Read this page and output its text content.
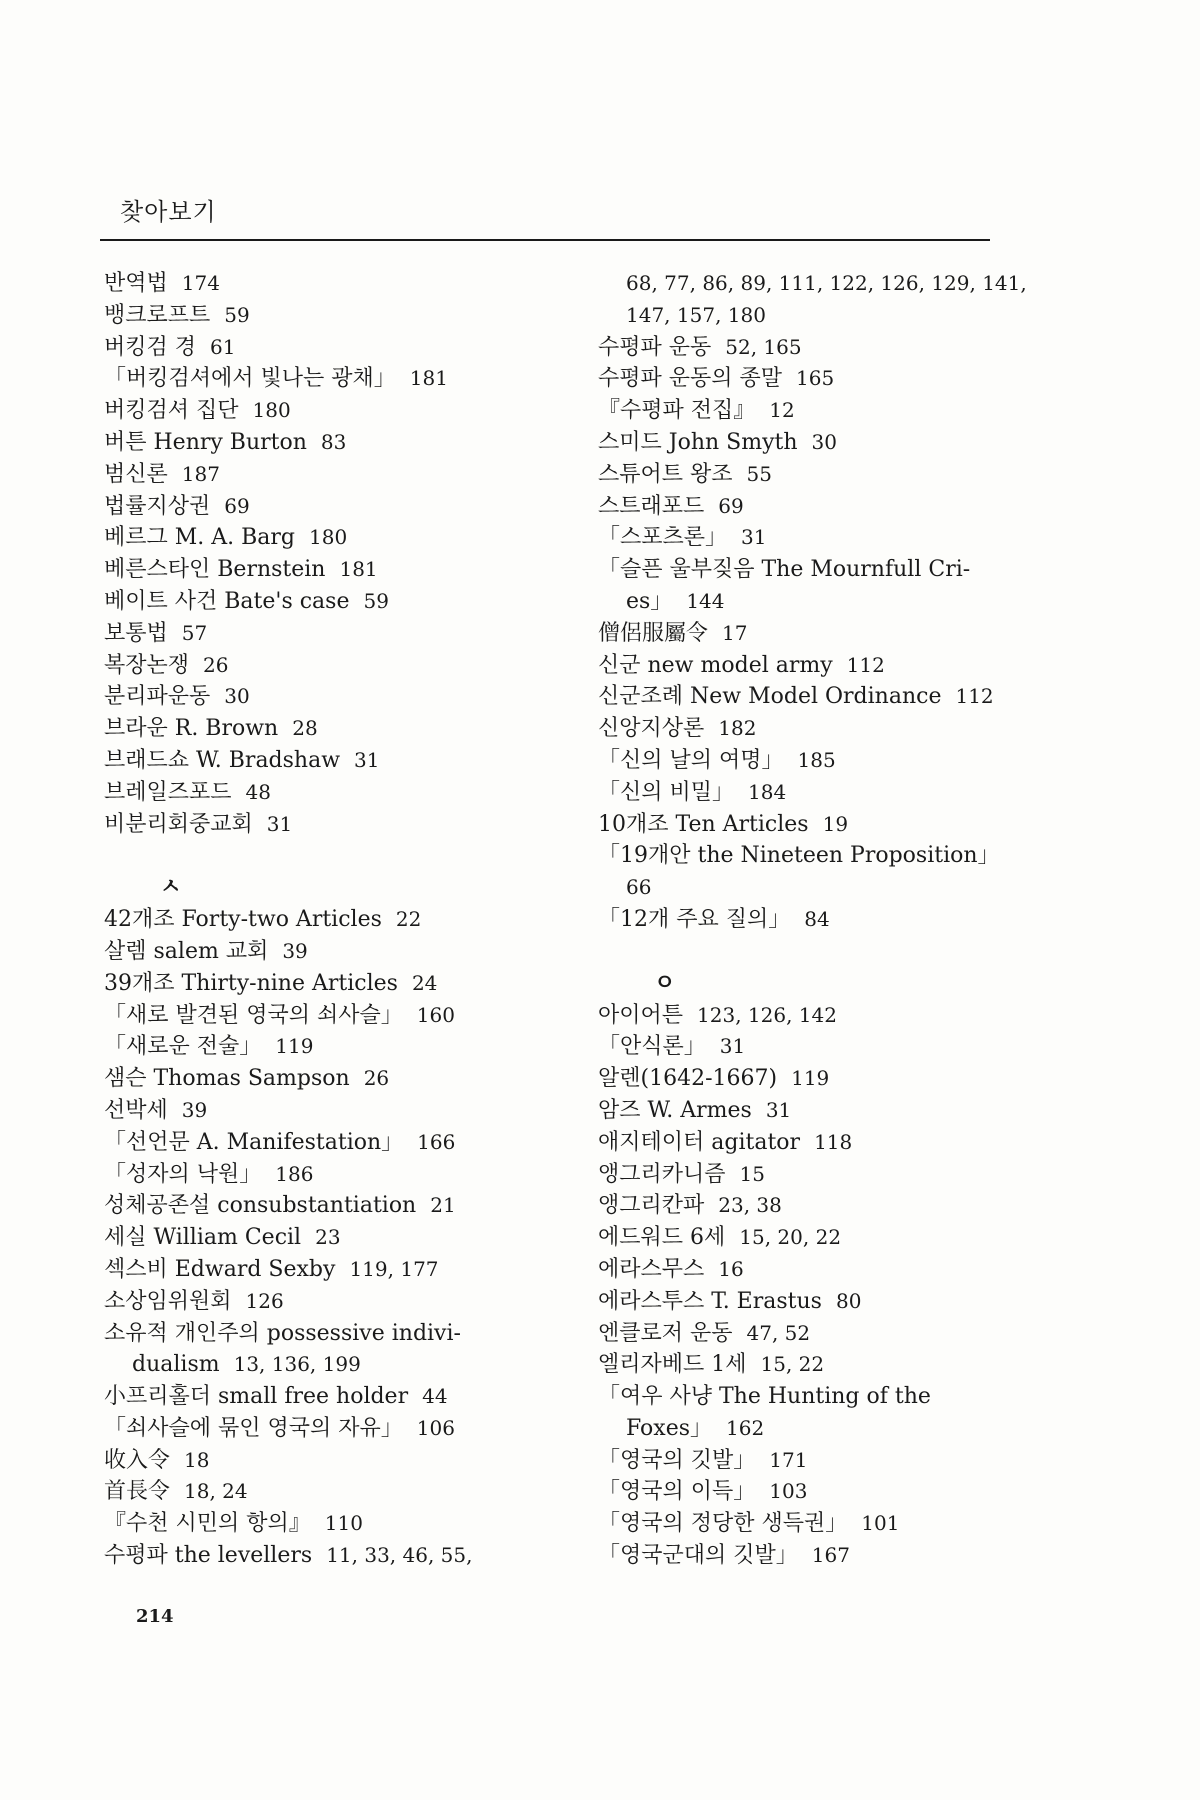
찾아보기
반역법 174
뱅크로프트 59
버킹검 경 61
「버킹검셔에서 빛나는 광채」 181
버킹검셔 집단 180
버튼 Henry Burton 83
범신론 187
법률지상권 69
베르그 M. A. Barg 180
베른스타인 Bernstein 181
베이트 사건 Bate's case 59
보통법 57
복장논쟁 26
분리파운동 30
브라운 R. Brown 28
브래드쇼 W. Bradshaw 31
브레일즈포드 48
비분리회중교회 31
ㅅ
42개조 Forty-two Articles 22
살렘 salem 교회 39
39개조 Thirty-nine Articles 24
「새로 발견된 영국의 쇠사슬」 160
「새로운 전술」 119
샘슨 Thomas Sampson 26
선박세 39
「선언문 A. Manifestation」 166
「성자의 낙원」 186
성체공존설 consubstantiation 21
세실 William Cecil 23
섹스비 Edward Sexby 119, 177
소상임위원회 126
소유적 개인주의 possessive indivi-
dualism 13, 136, 199
小프리홀더 small free holder 44
「쇠사슬에 묶인 영국의 자유」 106
收入令 18
首長令 18, 24
『수천 시민의 항의』 110
수평파 the levellers 11, 33, 46, 55,
68, 77, 86, 89, 111, 122, 126, 129, 141,
147, 157, 180
수평파 운동 52, 165
수평파 운동의 종말 165
『수평파 전집』 12
스미드 John Smyth 30
스튜어트 왕조 55
스트래포드 69
「스포츠론」 31
「슬픈 울부짖음 The Mournfull Cri-
es」 144
僧侶服屬令 17
신군 new model army 112
신군조례 New Model Ordinance 112
신앙지상론 182
「신의 날의 여명」 185
「신의 비밀」 184
10개조 Ten Articles 19
「19개안 the Nineteen Proposition」
66
「12개 주요 질의」 84
ㅇ
아이어튼 123, 126, 142
「안식론」 31
알렌(1642-1667) 119
암즈 W. Armes 31
애지테이터 agitator 118
앵그리카니즘 15
앵그리칸파 23, 38
에드워드 6세 15, 20, 22
에라스무스 16
에라스투스 T. Erastus 80
엔클로저 운동 47, 52
엘리자베드 1세 15, 22
「여우 사냥 The Hunting of the
Foxes」 162
「영국의 깃발」 171
「영국의 이득」 103
「영국의 정당한 생득권」 101
「영국군대의 깃발」 167
214
